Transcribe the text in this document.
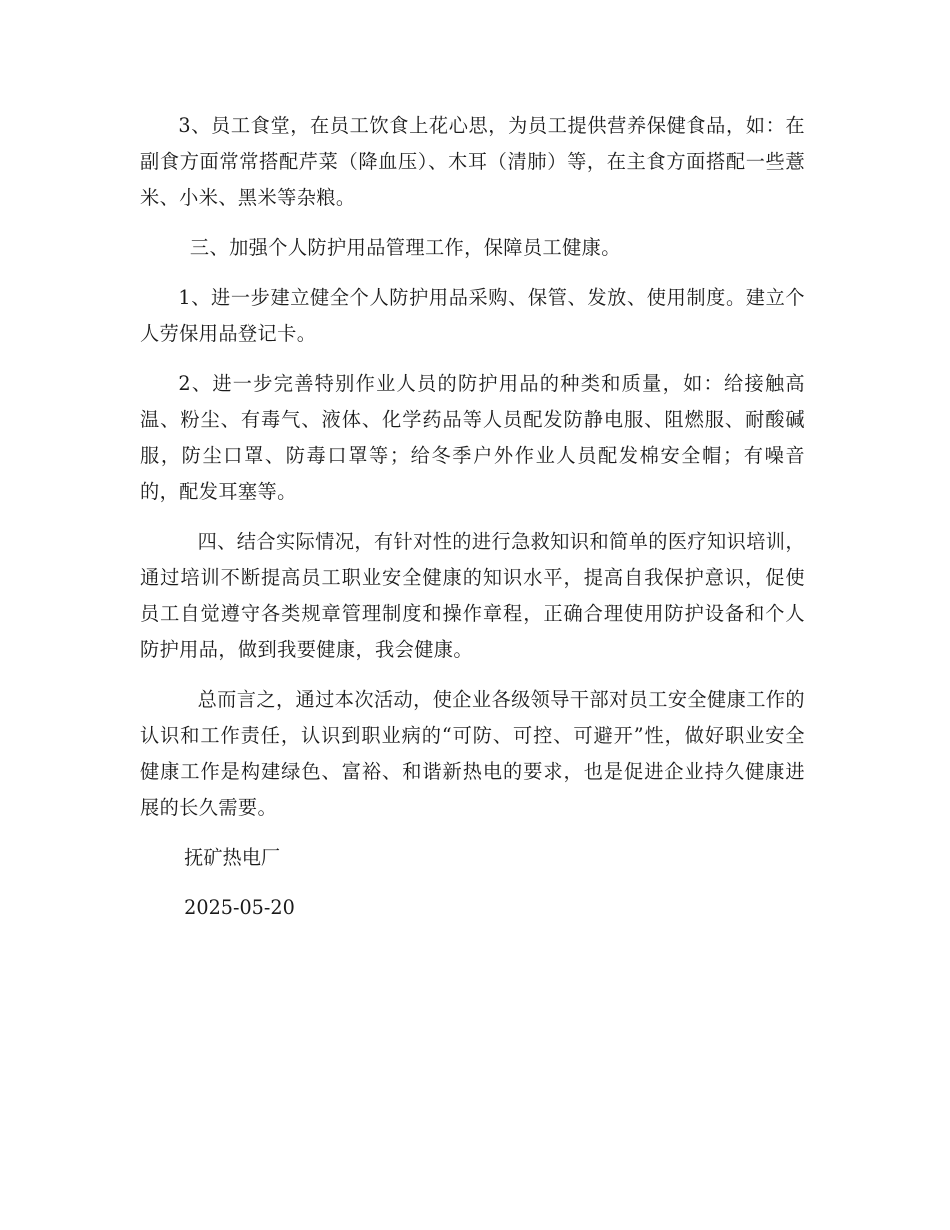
3、员工食堂，在员工饮食上花心思，为员工提供营养保健食品，如：在副食方面常常搭配芹菜（降血压）、木耳（清肺）等，在主食方面搭配一些薏米、小米、黑米等杂粮。

三、加强个人防护用品管理工作，保障员工健康。

1、进一步建立健全个人防护用品采购、保管、发放、使用制度。建立个人劳保用品登记卡。

2、进一步完善特别作业人员的防护用品的种类和质量，如：给接触高温、粉尘、有毒气、液体、化学药品等人员配发防静电服、阻燃服、耐酸碱服，防尘口罩、防毒口罩等；给冬季户外作业人员配发棉安全帽；有噪音的，配发耳塞等。

四、结合实际情况，有针对性的进行急救知识和简单的医疗知识培训，通过培训不断提高员工职业安全健康的知识水平，提高自我保护意识，促使员工自觉遵守各类规章管理制度和操作章程，正确合理使用防护设备和个人防护用品，做到我要健康，我会健康。

总而言之，通过本次活动，使企业各级领导干部对员工安全健康工作的认识和工作责任，认识到职业病的“可防、可控、可避开”性，做好职业安全健康工作是构建绿色、富裕、和谐新热电的要求，也是促进企业持久健康进展的长久需要。

抚矿热电厂

2025-05-20
